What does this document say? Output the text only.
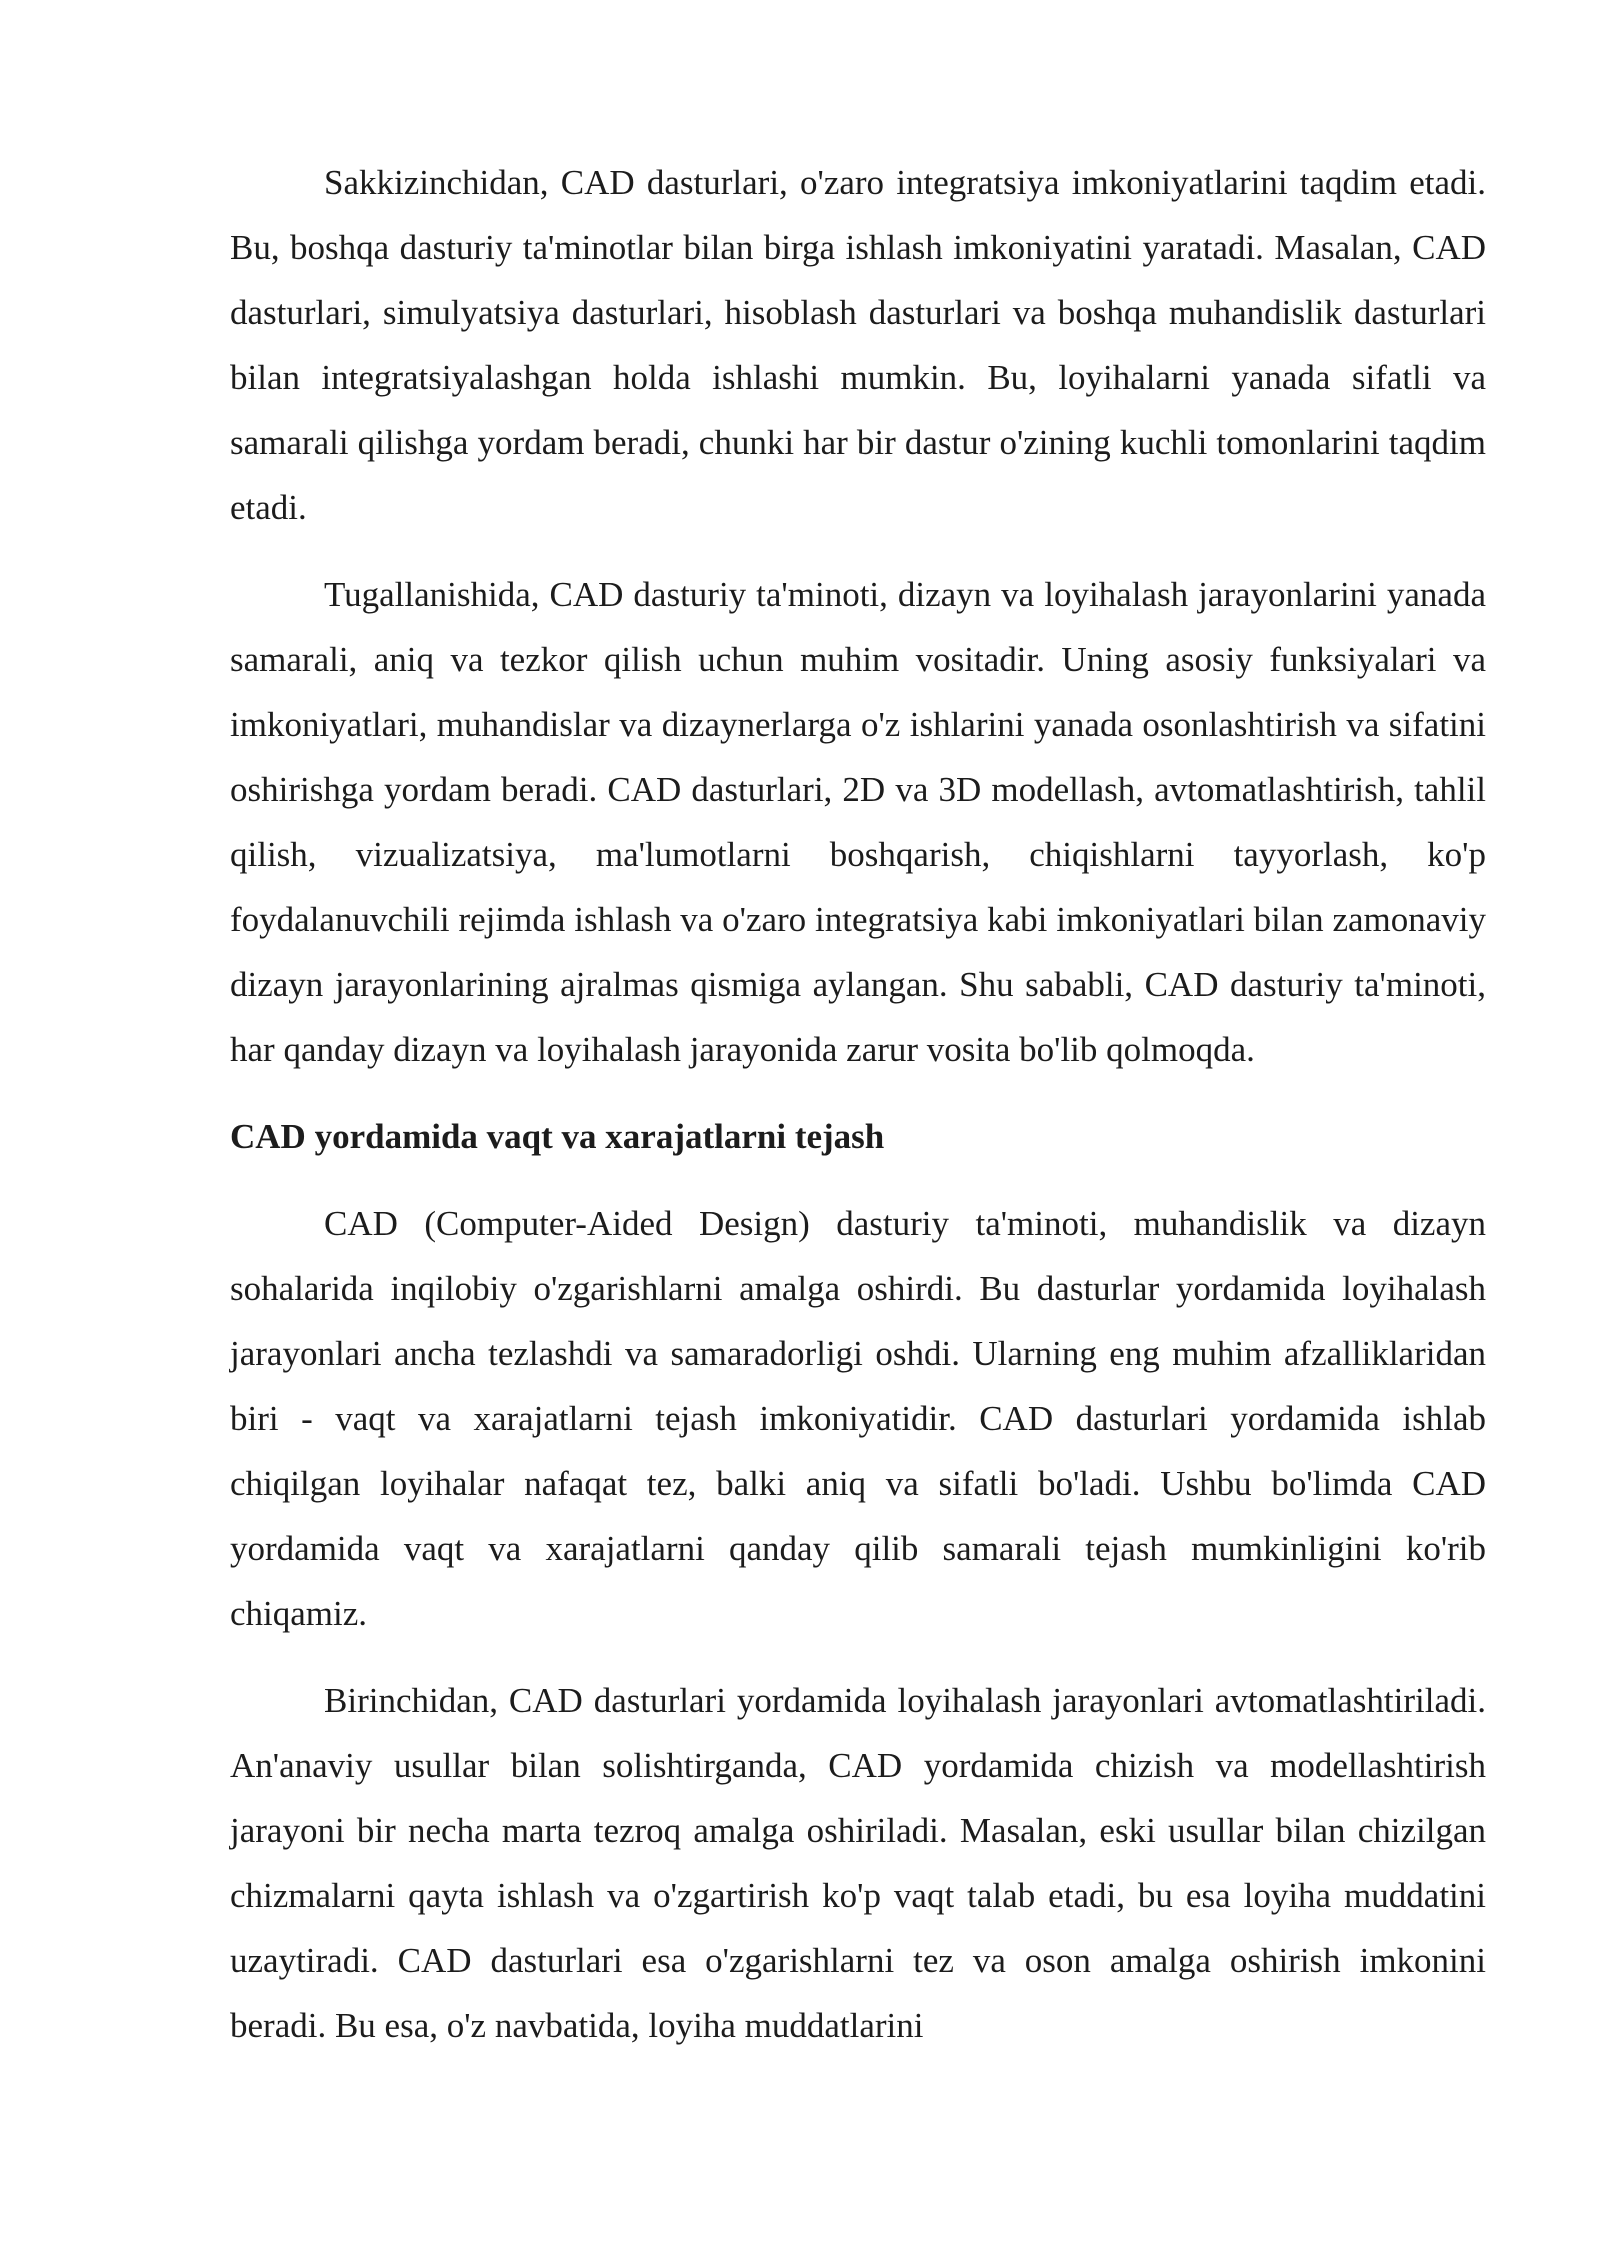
Sakkizinchidan, CAD dasturlari, o'zaro integratsiya imkoniyatlarini taqdim etadi. Bu, boshqa dasturiy ta'minotlar bilan birga ishlash imkoniyatini yaratadi. Masalan, CAD dasturlari, simulyatsiya dasturlari, hisoblash dasturlari va boshqa muhandislik dasturlari bilan integratsiyalashgan holda ishlashi mumkin. Bu, loyihalarni yanada sifatli va samarali qilishga yordam beradi, chunki har bir dastur o'zining kuchli tomonlarini taqdim etadi.

Tugallanishida, CAD dasturiy ta'minoti, dizayn va loyihalash jarayonlarini yanada samarali, aniq va tezkor qilish uchun muhim vositadir. Uning asosiy funksiyalari va imkoniyatlari, muhandislar va dizaynerlarga o'z ishlarini yanada osonlashtirish va sifatini oshirishga yordam beradi. CAD dasturlari, 2D va 3D modellash, avtomatlashtirish, tahlil qilish, vizualizatsiya, ma'lumotlarni boshqarish, chiqishlarni tayyorlash, ko'p foydalanuvchili rejimda ishlash va o'zaro integratsiya kabi imkoniyatlari bilan zamonaviy dizayn jarayonlarining ajralmas qismiga aylangan. Shu sababli, CAD dasturiy ta'minoti, har qanday dizayn va loyihalash jarayonida zarur vosita bo'lib qolmoqda.

CAD yordamida vaqt va xarajatlarni tejash

CAD (Computer-Aided Design) dasturiy ta'minoti, muhandislik va dizayn sohalarida inqilobiy o'zgarishlarni amalga oshirdi. Bu dasturlar yordamida loyihalash jarayonlari ancha tezlashdi va samaradorligi oshdi. Ularning eng muhim afzalliklaridan biri - vaqt va xarajatlarni tejash imkoniyatidir. CAD dasturlari yordamida ishlab chiqilgan loyihalar nafaqat tez, balki aniq va sifatli bo'ladi. Ushbu bo'limda CAD yordamida vaqt va xarajatlarni qanday qilib samarali tejash mumkinligini ko'rib chiqamiz.

Birinchidan, CAD dasturlari yordamida loyihalash jarayonlari avtomatlashtiriladi. An'anaviy usullar bilan solishtirganda, CAD yordamida chizish va modellashtirish jarayoni bir necha marta tezroq amalga oshiriladi. Masalan, eski usullar bilan chizilgan chizmalarni qayta ishlash va o'zgartirish ko'p vaqt talab etadi, bu esa loyiha muddatini uzaytiradi. CAD dasturlari esa o'zgarishlarni tez va oson amalga oshirish imkonini beradi. Bu esa, o'z navbatida, loyiha muddatlarini
